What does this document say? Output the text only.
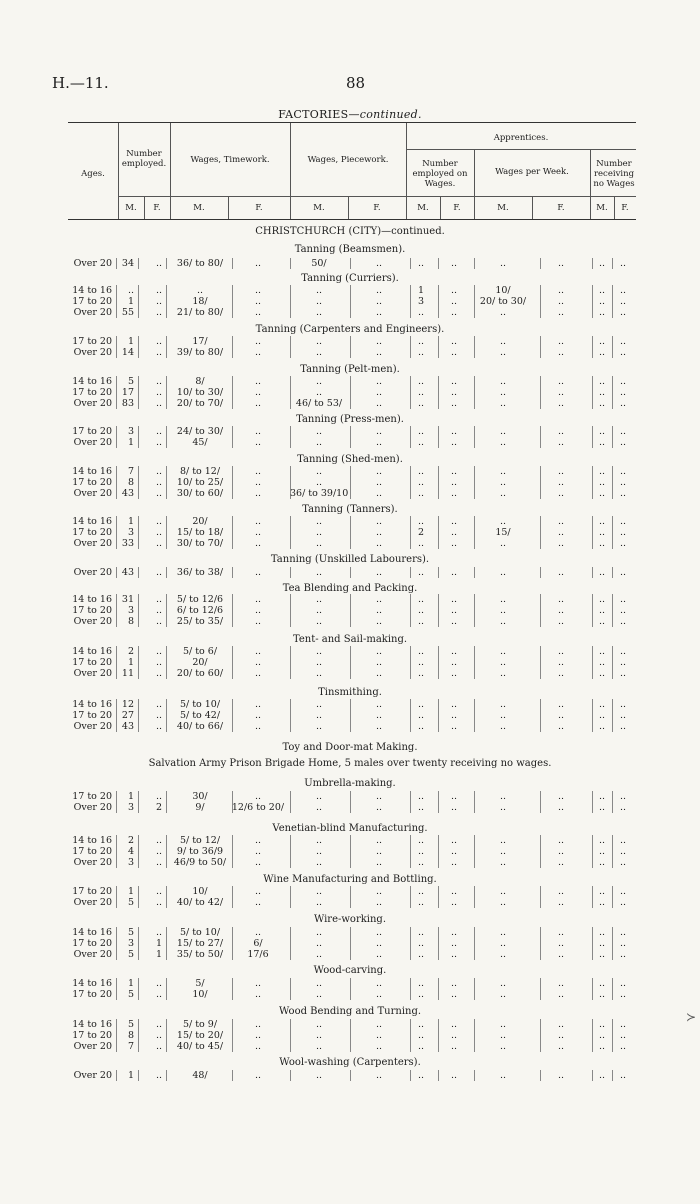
H.—11.	88
FACTORIES—continued.
Ages.
Number employed.	Wages, Timework.	Wages, Piecework.
Apprentices.
Number employed on Wages.
Wages per Week.
Number receiving no Wages
M.	F.	M.	F.	M.	F.	M.	F.	M.	F.	M.	F.
CHRISTCHURCH (CITY)—continued.
Tanning (Beamsmen).
Over 20	34	..	36/ to 80/	..	50/	..	..	..	..	..	..	..
Tanning (Curriers).
14 to 16	..	..	..	..	..	..	1	..	10/	..	..	..
17 to 20	1	..	18/	..	..	..	3	..	20/ to 30/	..	..	..
Over 20	55	..	21/ to 80/	..	..	..	..	..	..	..	..	..
Tanning (Carpenters and Engineers).
17 to 20	1	..	17/	..	..	..	..	..	..	..	..	..
Over 20	14	..	39/ to 80/	..	..	..	..	..	..	..	..	..
Tanning (Pelt-men).
14 to 16	5	..	8/	..	..	..	..	..	..	..	..	..
17 to 20	17	..	10/ to 30/	..	..	..	..	..	..	..	..	..
Over 20	83	..	20/ to 70/	..	46/ to 53/	..	..	..	..	..	..	..
Tanning (Press-men).
17 to 20	3	..	24/ to 30/	..	..	..	..	..	..	..	..	..
Over 20	1	..	45/	..	..	..	..	..	..	..	..	..
Tanning (Shed-men).
14 to 16	7	..	8/ to 12/	..	..	..	..	..	..	..	..	..
17 to 20	8	..	10/ to 25/	..	..	..	..	..	..	..	..	..
Over 20	43	..	30/ to 60/	..	36/ to 39/10	..	..	..	..	..	..	..
Tanning (Tanners).
14 to 16	1	..	20/	..	..	..	..	..	..	..	..	..
17 to 20	3	..	15/ to 18/	..	..	..	2	..	15/	..	..	..
Over 20	33	..	30/ to 70/	..	..	..	..	..	..	..	..	..
Tanning (Unskilled Labourers).
Over 20	43	..	36/ to 38/	..	..	..	..	..	..	..	..	..
Tea Blending and Packing.
14 to 16	31	..	5/ to 12/6	..	..	..	..	..	..	..	..	..
17 to 20	3	..	6/ to 12/6	..	..	..	..	..	..	..	..	..
Over 20	8	..	25/ to 35/	..	..	..	..	..	..	..	..	..
Tent- and Sail-making.
14 to 16	2	..	5/ to 6/	..	..	..	..	..	..	..	..	..
17 to 20	1	..	20/	..	..	..	..	..	..	..	..	..
Over 20	11	..	20/ to 60/	..	..	..	..	..	..	..	..	..
Tinsmithing.
14 to 16	12	..	5/ to 10/	..	..	..	..	..	..	..	..	..
17 to 20	27	..	5/ to 42/	..	..	..	..	..	..	..	..	..
Over 20	43	..	40/ to 66/	..	..	..	..	..	..	..	..	..
Toy and Door-mat Making.
Salvation Army Prison Brigade Home, 5 males over twenty receiving no wages.
Umbrella-making.
17 to 20	1	..	30/	..	..	..	..	..	..	..	..	..
Over 20	3	2	9/	12/6 to 20/	..	..	..	..	..	..	..	..
Venetian-blind Manufacturing.
14 to 16	2	..	5/ to 12/	..	..	..	..	..	..	..	..	..
17 to 20	4	..	9/ to 36/9	..	..	..	..	..	..	..	..	..
Over 20	3	..	46/9 to 50/	..	..	..	..	..	..	..	..	..
Wine Manufacturing and Bottling.
17 to 20	1	..	10/	..	..	..	..	..	..	..	..	..
Over 20	5	..	40/ to 42/	..	..	..	..	..	..	..	..	..
Wire-working.
14 to 16	5	..	5/ to 10/	..	..	..	..	..	..	..	..	..
17 to 20	3	1	15/ to 27/	6/	..	..	..	..	..	..	..	..
Over 20	5	1	35/ to 50/	17/6	..	..	..	..	..	..	..	..
Wood-carving.
14 to 16	1	..	5/	..	..	..	..	..	..	..	..	..
17 to 20	5	..	10/	..	..	..	..	..	..	..	..	..
Wood Bending and Turning.
14 to 16	5	..	5/ to 9/	..	..	..	..	..	..	..	..	..
17 to 20	8	..	15/ to 20/	..	..	..	..	..	..	..	..	..
Over 20	7	..	40/ to 45/	..	..	..	..	..	..	..	..	..
Wool-washing (Carpenters).
Over 20	1	..	48/	..	..	..	..	..	..	..	..	..
≻
